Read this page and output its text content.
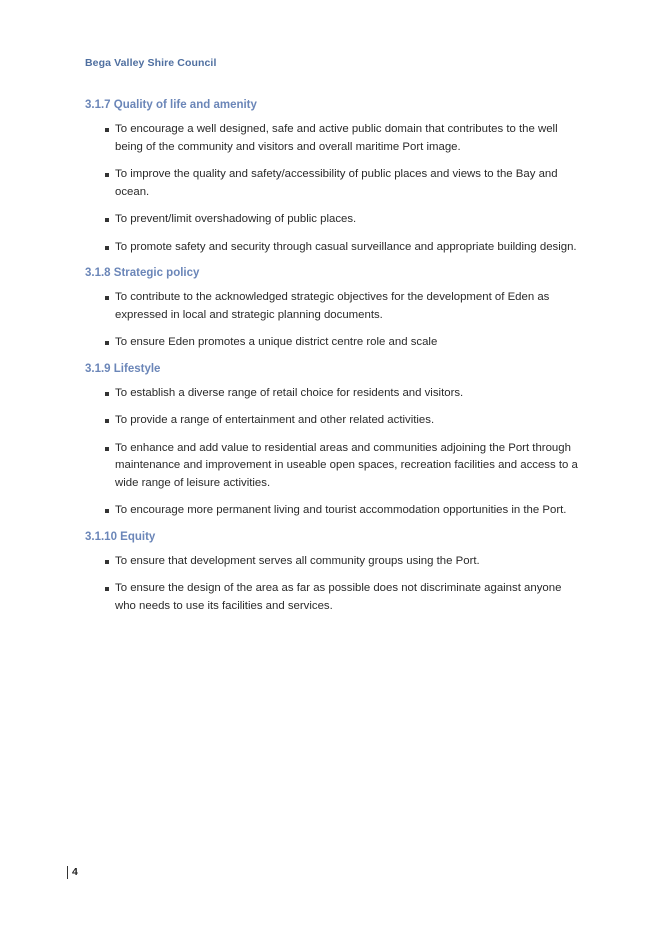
Bega Valley Shire Council
3.1.7 Quality of life and amenity
To encourage a well designed, safe and active public domain that contributes to the well being of the community and visitors and overall maritime Port image.
To improve the quality and safety/accessibility of public places and views to the Bay and ocean.
To prevent/limit overshadowing of public places.
To promote safety and security through casual surveillance and appropriate building design.
3.1.8 Strategic policy
To contribute to the acknowledged strategic objectives for the development of Eden as expressed in local and strategic planning documents.
To ensure Eden promotes a unique district centre role and scale
3.1.9 Lifestyle
To establish a diverse range of retail choice for residents and visitors.
To provide a range of entertainment and other related activities.
To enhance and add value to residential areas and communities adjoining the Port through maintenance and improvement in useable open spaces, recreation facilities and access to a wide range of leisure activities.
To encourage more permanent living and tourist accommodation opportunities in the Port.
3.1.10 Equity
To ensure that development serves all community groups using the Port.
To ensure the design of the area as far as possible does not discriminate against anyone who needs to use its facilities and services.
4
